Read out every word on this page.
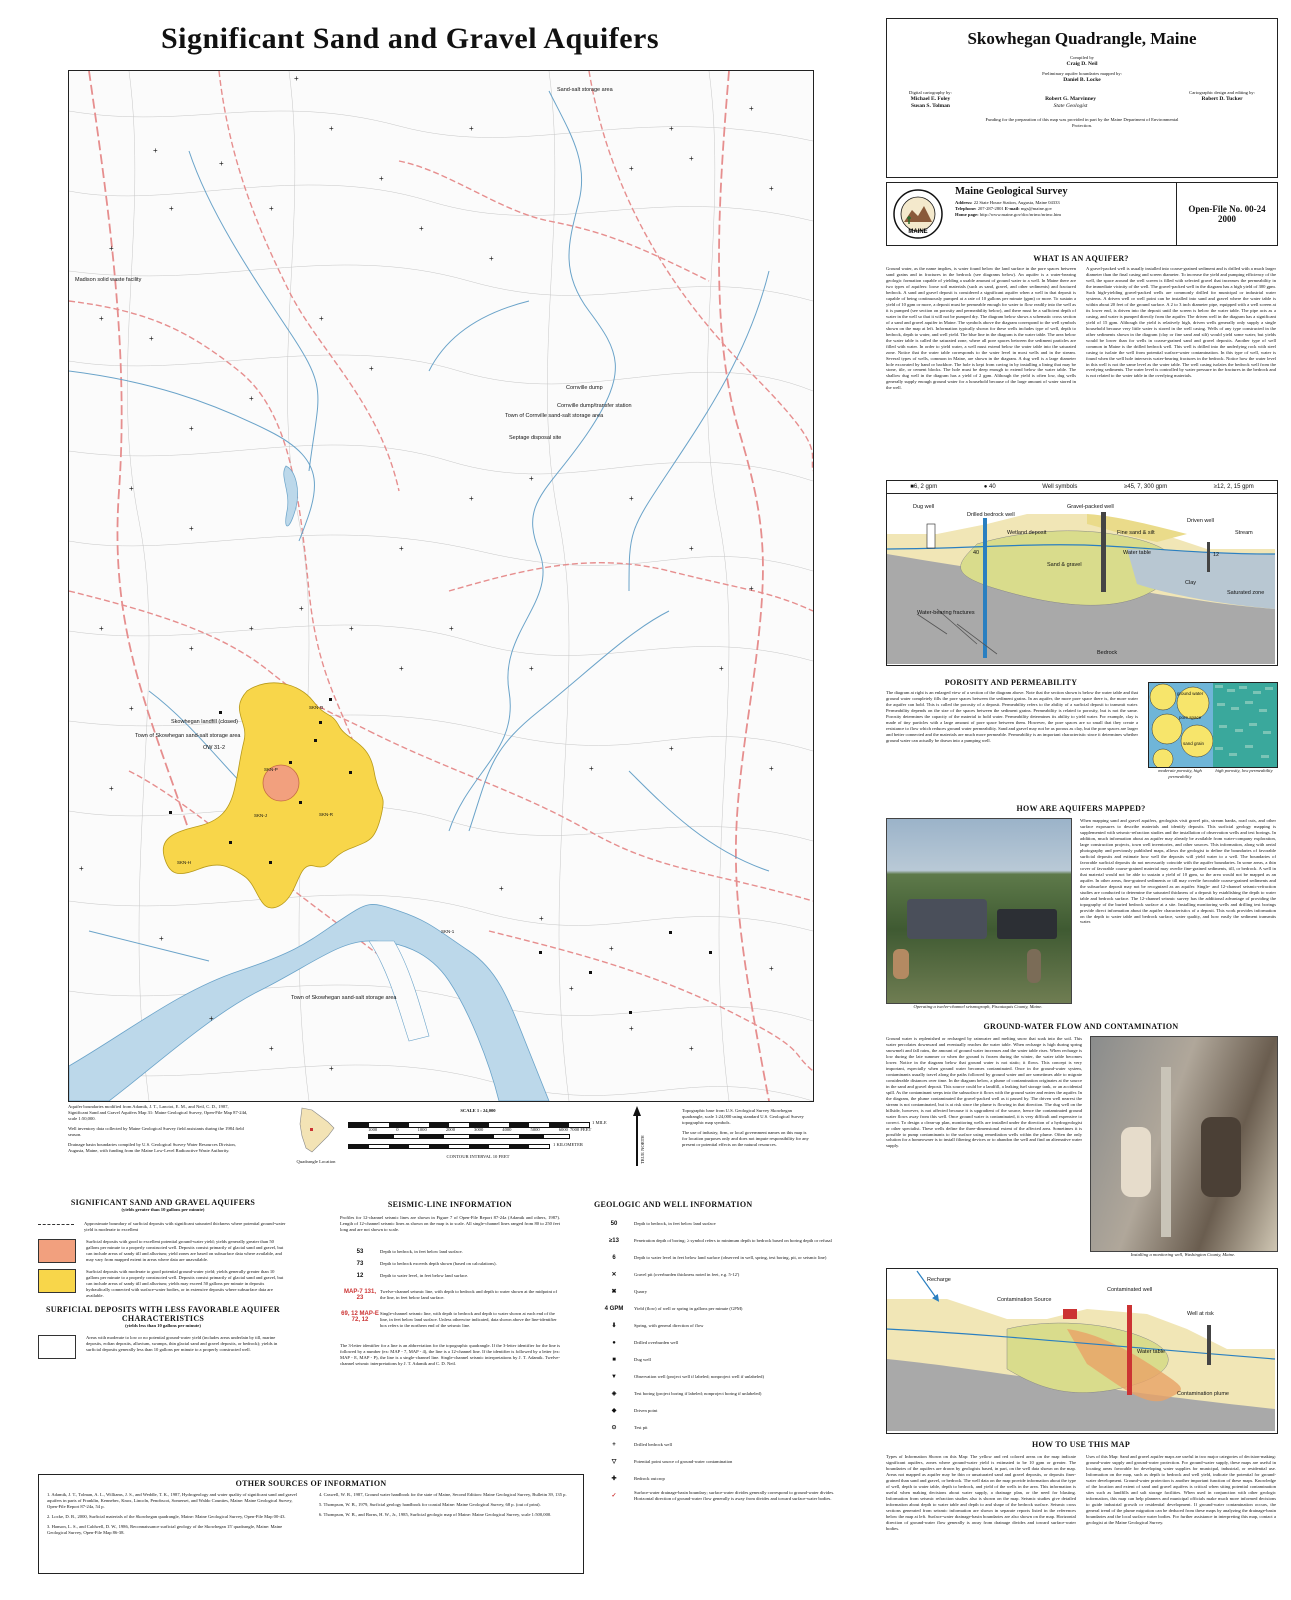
Significant Sand and Gravel Aquifers
Sand-salt storage area
Madison solid waste facility
Cornville dump
Cornville dump/transfer station
Town of Cornville sand-salt storage area
Septage disposal site
Skowhegan landfill (closed)
Town of Skowhegan sand-salt storage area
Town of Skowhegan sand-salt storage area
OW 31-2
SKN-O
SKN-P
SKN-J	SKN-R
SKN-H
SKN-1
+
+
+
+
+
+
+
+
+
+
+
+
+
+
+
+
+
+
+
+
+
+
+
+
+
+
+
+
+
+
+
+
+
+
+
+
+
+
+
+
+
+
+
+
+
+
+
+
+
+
+
+
+
+
+
+
Aquifer boundaries modified from Adamik, J. T., Lanctot, E. M., and Neil, C. D., 1987, Significant Sand and Gravel Aquifers Map 31: Maine Geological Survey, Open-File Map 87-24d, scale 1:50,000.
Well inventory data collected by Maine Geological Survey field assistants during the 1984 field season.
Drainage basin boundaries compiled by U.S. Geological Survey Water Resources Division, Augusta, Maine, with funding from the Maine Low-Level Radioactive Waste Authority.
Quadrangle Location
SCALE 1 : 24,000
1 MILE
1000	0	1000	2000	3000	4000	5000	6000 7000 FEET
1 KILOMETER
CONTOUR INTERVAL 10 FEET	TRUE NORTH
Topographic base from U.S. Geological Survey Skowhegan quadrangle, scale 1:24,000 using standard U.S. Geological Survey topographic map symbols.
The use of industry, firm, or local government names on this map is for location purposes only and does not impute responsibility for any present or potential effects on the natural resources.
SIGNIFICANT SAND AND GRAVEL AQUIFERS
(yields greater than 10 gallons per minute)
Approximate boundary of surficial deposits with significant saturated thickness where potential ground-water yield is moderate to excellent
Surficial deposits with good to excellent potential ground-water yield; yields generally greater than 50 gallons per minute to a properly constructed well. Deposits consist primarily of glacial sand and gravel, but can include areas of sandy till and alluvium; yield zones are based on subsurface data where available, and may vary from mapped extent in areas where data are unavailable.
Surficial deposits with moderate to good potential ground-water yield; yields generally greater than 10 gallons per minute to a properly constructed well. Deposits consist primarily of glacial sand and gravel, but can include areas of sandy till and alluvium; yields may exceed 50 gallons per minute in deposits hydraulically connected with surface-water bodies, or in extensive deposits where subsurface data are available.
SURFICIAL DEPOSITS WITH LESS FAVORABLE AQUIFER CHARACTERISTICS
(yields less than 10 gallons per minute)
Areas with moderate to low or no potential ground-water yield (includes areas underlain by till, marine deposits, eolian deposits, alluvium, swamps, thin glacial sand and gravel deposits, or bedrock); yields in surficial deposits generally less than 10 gallons per minute to a properly constructed well.
SEISMIC-LINE INFORMATION
Profiles for 12-channel seismic lines are shown in Figure 7 of Open-File Report 87-24a (Adamik and others, 1987). Length of 12-channel seismic lines as shown on the map is to scale. All single-channel lines ranged from 80 to 250 feet long and are not shown to scale.
53	Depth to bedrock, in feet below land surface.
73	Depth to bedrock exceeds depth shown (based on calculations).
12	Depth to water level, in feet below land surface.
MAP-7 131, 23
Twelve-channel seismic line, with depth to bedrock and depth to water shown at the midpoint of the line, in feet below land surface.
69, 12 MAP-E 72, 12
Single-channel seismic line, with depth to bedrock and depth to water shown at each end of the line, in feet below land surface. Unless otherwise indicated, data shown above the line-identifier box refers to the northern end of the seismic line.
The 3-letter identifier for a line is an abbreviation for the topographic quadrangle. If the 3-letter identifier for the line is followed by a number (ex: MAP - 7, MAP - 4), the line is a 12-channel line. If the identifier is followed by a letter (ex: MAP - E, MAP - P), the line is a single-channel line. Single-channel seismic interpretations by J. T. Adamik. Twelve-channel seismic interpretations by J. T. Adamik and C. D. Neil.
GEOLOGIC AND WELL INFORMATION
50	Depth to bedrock, in feet below land surface
≥13	Penetration depth of boring; ≥ symbol refers to minimum depth to bedrock based on boring depth or refusal
6	Depth to water level in feet below land surface (observed in well, spring, test boring, pit, or seismic line)
✕	Gravel pit (overburden thickness noted in feet, e.g. 5-12')
✖	Quarry
4 GPM	Yield (flow) of well or spring in gallons per minute (GPM)
⬇	Spring, with general direction of flow
●	Drilled overburden well
■	Dug well
▼	Observation well (project well if labeled; nonproject well if unlabeled)
◈	Test boring (project boring if labeled; nonproject boring if unlabeled)
◆	Driven point
⊙	Test pit
+	Drilled bedrock well
▽	Potential point source of ground-water contamination
✚	Bedrock outcrop
✓
Surface-water drainage-basin boundary; surface-water divides generally correspond to ground-water divides. Horizontal direction of ground-water flow generally is away from divides and toward surface-water bodies.
OTHER SOURCES OF INFORMATION
1. Adamik, J. T., Tolman, A. L., Williams, J. S., and Weddle, T. K., 1987, Hydrogeology and water quality of significant sand and gravel aquifers in parts of Franklin, Kennebec, Knox, Lincoln, Penobscot, Somerset, and Waldo Counties, Maine: Maine Geological Survey, Open-File Report 87-24a, 54 p.
2. Locke, D. B., 2000, Surficial materials of the Skowhegan quadrangle, Maine: Maine Geological Survey, Open-File Map 00-43.
3. Hanson, L. S., and Caldwell, D. W., 1986, Reconnaissance surficial geology of the Skowhegan 15' quadrangle, Maine: Maine Geological Survey, Open-File Map 86-38.
4. Caswell, W. B., 1987, Ground water handbook for the state of Maine, Second Edition: Maine Geological Survey, Bulletin 39, 135 p.
5. Thompson, W. B., 1979, Surficial geology handbook for coastal Maine: Maine Geological Survey, 68 p. (out of print).
6. Thompson, W. B., and Borns, H. W., Jr., 1985, Surficial geologic map of Maine: Maine Geological Survey, scale 1:500,000.
Skowhegan Quadrangle, Maine
Compiled by
Craig D. Neil
Preliminary aquifer boundaries mapped by:
Daniel B. Locke
Digital cartography by:
Michael E. Foley
Susan S. Tolman
Robert G. Marvinney
State Geologist
Cartographic design and editing by:
Robert D. Tucker
Funding for the preparation of this map was provided in part by the Maine Department of Environmental Protection.
MAINE
Maine Geological Survey
Address: 22 State House Station, Augusta, Maine 04333
Telephone: 207-287-2801 E-mail: mgs@maine.gov
Home page: http://www.maine.gov/doc/nrimc/nrimc.htm
Open-File No. 00-24
2000
WHAT IS AN AQUIFER?
Ground water, as the name implies, is water found below the land surface in the pore spaces between sand grains and in fractures in the bedrock (see diagrams below). An aquifer is a water-bearing geologic formation capable of yielding a usable amount of ground water to a well. In Maine there are two types of aquifers: loose soil materials (such as sand, gravel, and other sediments) and fractured bedrock. A sand and gravel deposit is considered a significant aquifer when a well in that deposit is capable of being continuously pumped at a rate of 10 gallons per minute (gpm) or more. To sustain a yield of 10 gpm or more, a deposit must be permeable enough for water to flow readily into the well as it is pumped (see section on porosity and permeability below), and there must be a sufficient depth of water in the well so that it will not be pumped dry. The diagram below shows a schematic cross section of a sand and gravel aquifer in Maine. The symbols above the diagram correspond to the well symbols shown on the map at left. Information typically shown for these wells includes type of well, depth to bedrock, depth to water, and well yield. The blue line in the diagram is the water table. The area below the water table is called the saturated zone, where all pore spaces between the sediment particles are filled with water. In order to yield water, a well must extend below the water table into the saturated zone. Notice that the water table corresponds to the water level in most wells and in the stream. Several types of wells, common in Maine, are shown in the diagram. A dug well is a large diameter hole excavated by hand or backhoe. The hole is kept from caving in by installing a lining that may be stone, tile, or cement blocks. The hole must be deep enough to extend below the water table. The shallow dug well in the diagram has a yield of 2 gpm. Although the yield is often low, dug wells generally supply enough ground water for a household because of the large amount of water stored in the well.
A gravel-packed well is usually installed into coarse-grained sediment and is drilled with a much larger diameter than the final casing and screen diameter. To increase the yield and pumping efficiency of the well, the space around the well screen is filled with selected gravel that increases the permeability in the immediate vicinity of the well. The gravel-packed well in the diagram has a high yield of 300 gpm. Such high-yielding gravel-packed wells are commonly drilled for municipal or industrial water systems. A driven well or well point can be installed into sand and gravel where the water table is within about 20 feet of the ground surface. A 2 to 3 inch diameter pipe, equipped with a well screen at its lower end, is driven into the deposit until the screen is below the water table. The pipe acts as a casing, and water is pumped directly from the aquifer. The driven well in the diagram has a significant yield of 15 gpm. Although the yield is relatively high, driven wells generally only supply a single household because very little water is stored in the well casing. Wells of any type constructed in the other sediments shown in the diagram (clay or fine sand and silt) would yield some water, but yields would be lower than for wells in coarse-grained sand and gravel deposits. Another type of well common in Maine is the drilled bedrock well. This well is drilled into the underlying rock with steel casing to isolate the well from potential surface-water contamination. In this type of well, water is found when the well hole intersects water-bearing fractures in the bedrock. Notice how the water level in this well is not the same level as the water table. The well casing isolates the bedrock well from the overlying sediments. The water level is controlled by water pressure in the fractures in the bedrock and is not related to the water table in the overlying materials.
■6, 2 gpm	● 40	Well symbols	≥45, 7, 300 gpm	≥12, 2, 15 gpm
Dug well
Drilled bedrock well
Gravel-packed well
Wetland deposit	Fine sand & silt
Driven well
Stream
Water table
Sand & gravel
Clay
Saturated zone
Water-bearing fractures
Bedrock
40	12
POROSITY AND PERMEABILITY
The diagram at right is an enlarged view of a section of the diagram above. Note that the section shown is below the water table and that ground water completely fills the pore spaces between the sediment grains. In an aquifer, the more pore space there is, the more water the aquifer can hold. This is called the porosity of a deposit. Permeability refers to the ability of a surficial deposit to transmit water. Permeability depends on the size of the spaces between the sediment grains. Permeability is related to porosity, but is not the same. Porosity determines the capacity of the material to hold water. Permeability determines its ability to yield water. For example, clay is made of tiny particles with a large amount of pore space between them. However, the pore spaces are so small that they create a resistance to flow which reduces ground water permeability. Sand and gravel may not be as porous as clay, but the pore spaces are larger and better connected and the materials are much more permeable. Permeability is an important characteristic since it determines whether ground water can actually be drawn into a pumping well.
ground water
pore space
sand grain
moderate porosity, high permeability
high porosity, low permeability
HOW ARE AQUIFERS MAPPED?
Operating a twelve-channel seismograph, Piscataquis County, Maine.
When mapping sand and gravel aquifers, geologists visit gravel pits, stream banks, road cuts, and other surface exposures to describe materials and identify deposits. This surficial geology mapping is supplemented with seismic-refraction studies and the installation of observation wells and test borings. In addition, much information about an aquifer may already be available from water-company exploration, large construction projects, town well inventories, and other sources. This information, along with aerial photography and previously published maps, allows the geologist to define the boundaries of favorable surficial deposits and estimate how well the deposits will yield water to a well. The boundaries of favorable surficial deposits do not necessarily coincide with the aquifer boundaries. In some areas, a thin cover of favorable coarse-grained material may overlie fine-grained sediments, till, or bedrock. A well in that material would not be able to sustain a yield of 10 gpm, so the area would not be mapped as an aquifer. In other areas, fine-grained sediments or till may overlie favorable coarse-grained sediments and the subsurface deposit may not be recognized as an aquifer. Single- and 12-channel seismic-refraction studies are conducted to determine the saturated thickness of a deposit by establishing the depth to water table and bedrock surface. The 12-channel seismic survey has the additional advantage of providing the topography of the buried bedrock surface at a site. Installing monitoring wells and drilling test borings provide direct information about the aquifer characteristics of a deposit. This work provides information on the depth to water table and bedrock surface, water quality, and how easily the sediment transmits water.
GROUND-WATER FLOW AND CONTAMINATION
Ground water is replenished or recharged by rainwater and melting snow that soak into the soil. This water percolates downward and eventually reaches the water table. When recharge is high during spring snowmelt and fall rains, the amount of ground water increases and the water table rises. When recharge is low during the late summer or when the ground is frozen during the winter, the water table becomes lower. Notice in the diagram below that ground water is not static; it flows. This concept is very important, especially when ground water becomes contaminated. Once in the ground-water system, contaminants usually travel along the paths followed by ground water and are sometimes able to migrate considerable distances over time. In the diagram below, a plume of contamination originates at the source in the sand and gravel deposit. This source could be a landfill, a leaking fuel storage tank, or an accidental spill. As the contaminant seeps into the subsurface it flows with the ground water and enters the aquifer. In the diagram, the plume contaminated the gravel-packed well as it passed by. The driven well nearest the stream is not contaminated, but is at risk since the plume is flowing in that direction. The dug well on the hillside, however, is not affected because it is upgradient of the source, hence the contaminated ground water flows away from this well. Once ground water is contaminated, it is very difficult and expensive to correct. To design a clean-up plan, monitoring wells are installed under the direction of a hydrogeologist or other specialist. These wells define the three-dimensional extent of the affected area. Sometimes it is possible to pump contaminants to the surface using remediation wells within the plume. Often the only solution for a homeowner is to install filtering devices or to abandon the well and find an alternative water supply.
Installing a monitoring well, Washington County, Maine.
Recharge
Contamination Source
Contaminated well
Well at risk
Water table
Contamination plume
HOW TO USE THIS MAP
Types of Information Shown on this Map: The yellow and red colored areas on the map indicate significant aquifers, zones where ground-water yield is estimated to be 10 gpm or greater. The boundaries of the aquifers are drawn by geologists based, in part, on the well data shown on the map. Areas not mapped as aquifer may be thin or unsaturated sand and gravel deposits, or deposits finer-grained than sand and gravel, or bedrock. The well data on the map provide information about the type of well, depth to water table, depth to bedrock, and yield of the wells in the area. This information is useful when making decisions about water supply, a drainage plan, or the need for blasting. Information from seismic refraction studies also is shown on the map. Seismic studies give detailed information about depth to water table and depth to and shape of the bedrock surface. Seismic cross sections generated from seismic information are shown in separate reports listed in the references below the map at left. Surface-water drainage-basin boundaries are also shown on the map. Horizontal direction of ground-water flow generally is away from drainage divides and toward surface-water bodies.
Uses of this Map: Sand and gravel aquifer maps are useful in two major categories of decision-making: ground-water supply and ground-water protection. For ground-water supply, these maps are useful in locating areas favorable for developing water supplies for municipal, industrial, or residential use. Information on the map, such as depth to bedrock and well yield, indicate the potential for ground-water development. Ground-water protection is another important function of these maps. Knowledge of the location and extent of sand and gravel aquifers is critical when siting potential contamination sites such as landfills and salt storage facilities. When used in conjunction with other geologic information, this map can help planners and municipal officials make much more informed decisions to guide industrial growth or residential development. If ground-water contamination occurs, the general trend of the plume migration can be deduced from these maps by analyzing the drainage-basin boundaries and the local surface water bodies. For further assistance in interpreting this map, contact a geologist at the Maine Geological Survey.
